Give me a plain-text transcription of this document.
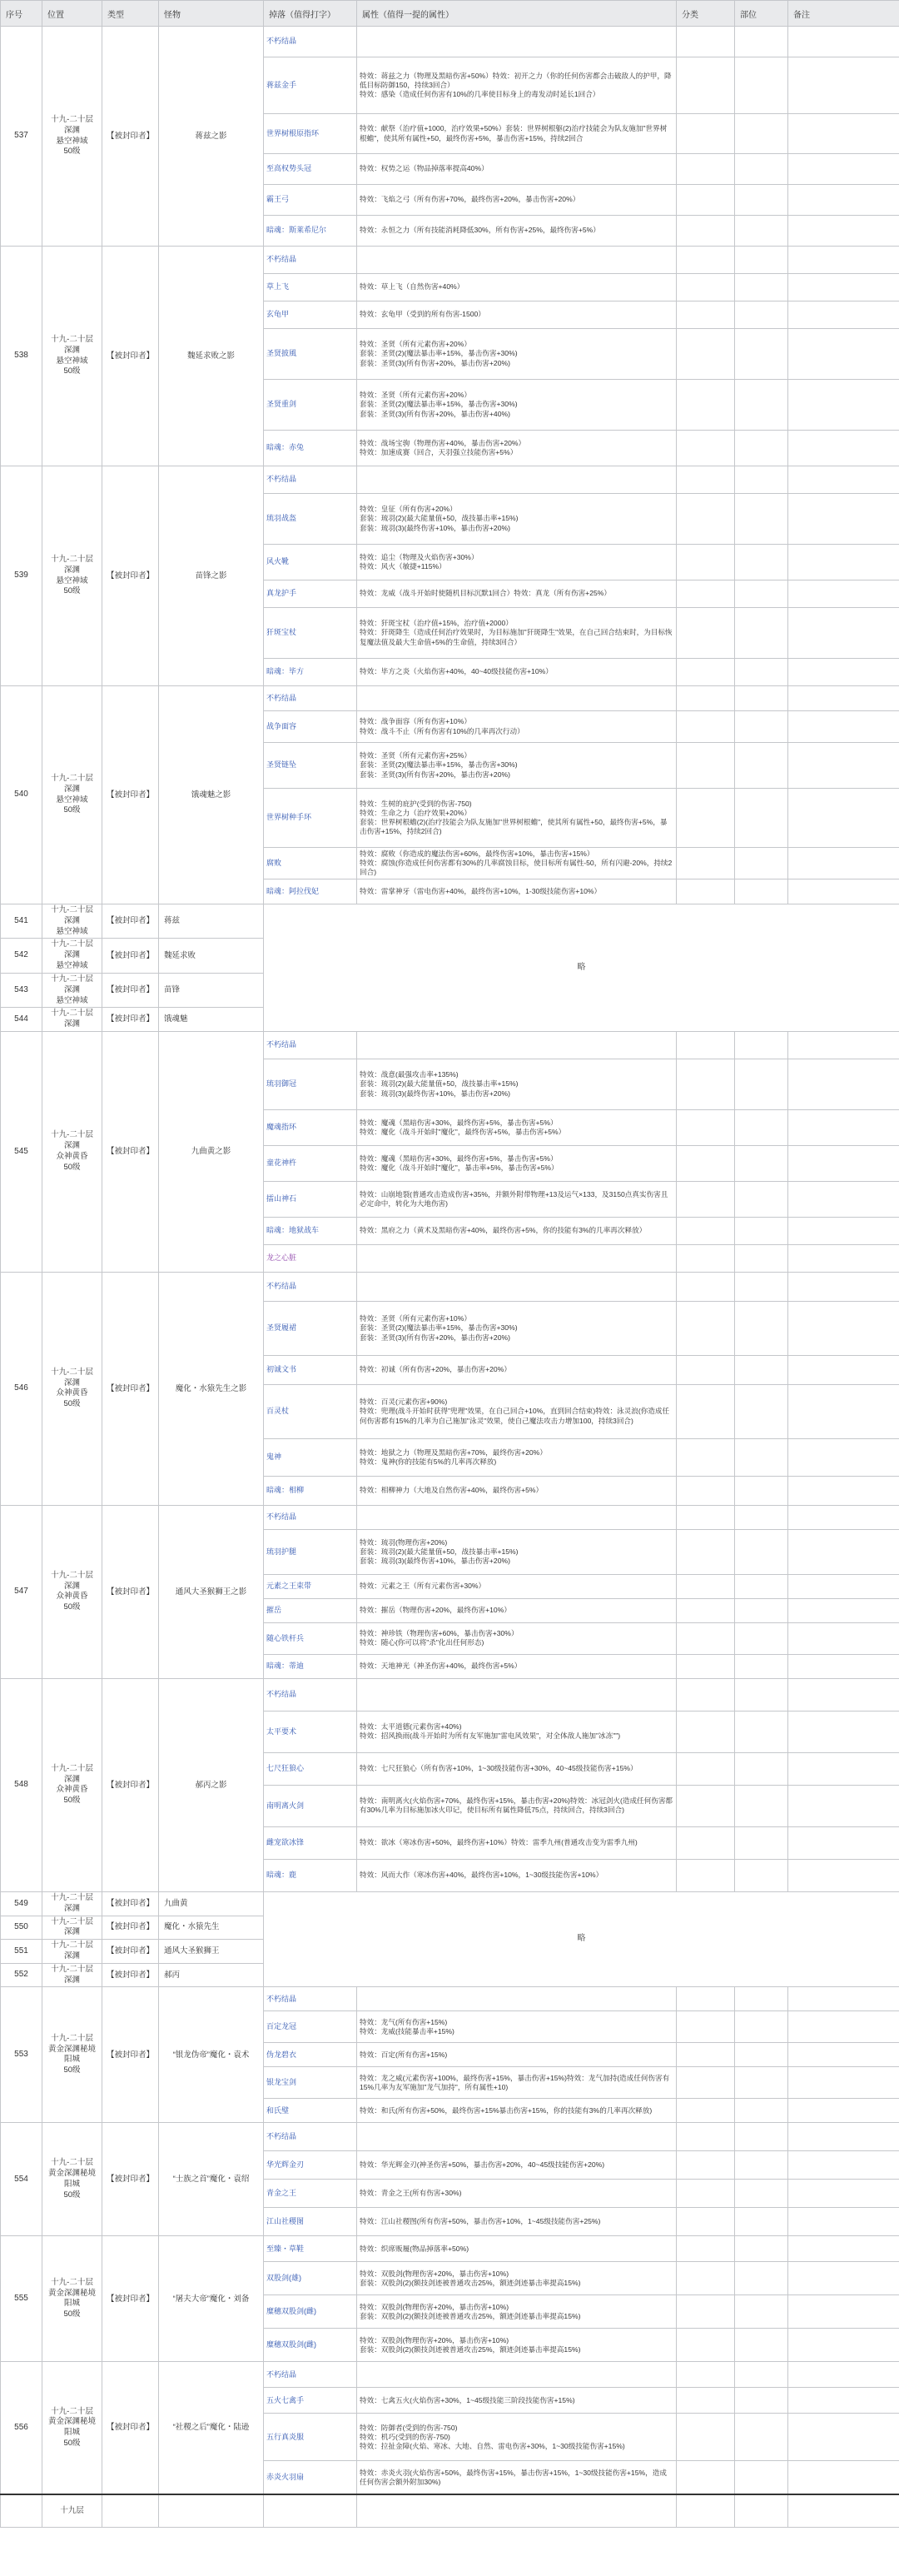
序号	位置	类型	怪物	掉落（值得打字）	属性（值得一提的属性）	分类	部位	备注
537	十九-二十层
深渊
悬空神域
50级	【被封印者】	蒋兹之影	不朽结晶				
				蒋兹金手	特效：蒋兹之力（物理及黑暗伤害+50%）特效：初开之力（你的任何伤害都会击破敌人的护甲，降低目标防御150，持续3回合）
特效：感染（造成任何伤害有10%的几率使目标身上的毒发动时延长1回合）			
				世界树根原指环	特效：献祭（治疗值+1000，治疗效果+50%）套装：世界树根躯(2)治疗技能会为队友施加"世界树根蟾"，使其所有属性+50，最终伤害+5%，暴击伤害+15%，持续2回合			
				至高权势头冠	特效：权势之运（物品掉落率提高40%）			
				霸王弓	特效：飞焰之弓（所有伤害+70%，最终伤害+20%，暴击伤害+20%）			
				暗魂：斯莱希尼尔	特效：永恒之力（所有技能消耗降低30%，所有伤害+25%，最终伤害+5%）			
538	十九-二十层
深渊
悬空神域
50级	【被封印者】	魏延求败之影	不朽结晶				
				草上飞	特效：草上飞（自然伤害+40%）			
				玄龟甲	特效：玄龟甲（受到的所有伤害-1500）			
				圣贤披風	特效：圣贤（所有元素伤害+20%）
套装：圣贤(2)(魔法暴击率+15%，暴击伤害+30%)
套装：圣贤(3)(所有伤害+20%，暴击伤害+20%)			
				圣贤重剑	特效：圣贤（所有元素伤害+20%）
套装：圣贤(2)(魔法暴击率+15%，暴击伤害+30%)
套装：圣贤(3)(所有伤害+20%，暴击伤害+40%)			
				暗魂：赤兔	特效：战场宝驹（物理伤害+40%，暴击伤害+20%）
特效：加速成赛（回合，天羽强立技能伤害+5%）			
539	十九-二十层
深渊
悬空神域
50级	【被封印者】	苗锋之影	不朽结晶				
				琉羽战盔	特效：皇征（所有伤害+20%）
套装：琉羽(2)(最大能量值+50，战技暴击率+15%)
套装：琉羽(3)(最终伤害+10%，暴击伤害+20%)			
				风火靴	特效：追尘（物理及火焰伤害+30%）
特效：风火（敏捷+115%）			
				真龙护手	特效：龙威（战斗开始时使随机目标沉默1回合）特效：真龙（所有伤害+25%）			
				犴斑宝杖	特效：犴斑宝杖（治疗值+15%，治疗值+2000）
特效：犴斑降生（造成任何治疗效果时，为目标施加"犴斑降生"效果，在自己回合结束时，为目标恢复魔法值及最大生命值+5%的生命值，持续3回合）			
				暗魂：毕方	特效：毕方之炎（火焰伤害+40%，40~40级技能伤害+10%）			
540	十九-二十层
深渊
悬空神域
50级	【被封印者】	饿魂魅之影	不朽结晶				
				战争面容	特效：战争面容（所有伤害+10%）
特效：战斗不止（所有伤害有10%的几率再次行动）			
				圣贤链坠	特效：圣贤（所有元素伤害+25%）
套装：圣贤(2)(魔法暴击率+15%，暴击伤害+30%)
套装：圣贤(3)(所有伤害+20%，暴击伤害+20%)			
				世界树种手环	特效：生树的庇护(受到的伤害-750)
特效：生命之力（治疗效果+20%）
套装：世界树根蟾(2)(治疗技能会为队友施加"世界树根蟾"，使其所有属性+50，最终伤害+5%，暴击伤害+15%，持续2回合)			
				腐败	特效：腐败（你造成的魔法伤害+60%，最终伤害+10%，暴击伤害+15%）
特效：腐蚀(你造成任何伤害都有30%的几率腐蚀目标，使目标所有属性-50，所有闪避-20%，持续2回合)			
				暗魂：阿拉伐妃	特效：雷掌神牙（雷电伤害+40%，最终伤害+10%，1-30级技能伤害+10%）			
541	十九-二十层
深渊
悬空神域	【被封印者】	蒋兹	略				
542	十九-二十层
深渊
悬空神域	【被封印者】	魏延求败					
543	十九-二十层
深渊
悬空神域	【被封印者】	苗锋					
544	十九-二十层
深渊	【被封印者】	饿魂魅					
545	十九-二十层
深渊
众神黄昏
50级	【被封印者】	九曲黄之影	不朽结晶				
				琉羽御冠	特效：战意(最强攻击率+135%)
套装：琉羽(2)(最大能量值+50，战技暴击率+15%)
套装：琉羽(3)(最终伤害+10%，暴击伤害+20%)			
				魔魂指环	特效：魔魂（黑暗伤害+30%，最终伤害+5%，暴击伤害+5%）
特效：魔化（战斗开始时"魔化"，最终伤害+5%，暴击伤害+5%）			
				童花神杵	特效：魔魂（黑暗伤害+30%，最终伤害+5%，暴击伤害+5%）
特效：魔化（战斗开始时"魔化"，暴击率+5%，暴击伤害+5%）			
				擂山神石	特效：山崩地裂(普通攻击造成伤害+35%，并额外附带物理+13及运气×133，及3150点真实伤害且必定命中，转化为大地伤害)			
				暗魂：地狱战车	特效：黑府之力（黄术及黑暗伤害+40%，最终伤害+5%，你的技能有3%的几率再次释放）			
				龙之心脏				
546	十九-二十层
深渊
众神黄昏
50级	【被封印者】	魔化・水猿先生之影	不朽结晶				
				圣贤履裙	特效：圣贤（所有元素伤害+10%）
套装：圣贤(2)(魔法暴击率+15%，暴击伤害+30%)
套装：圣贤(3)(所有伤害+20%，暴击伤害+20%)			
				初诚文书	特效：初诚（所有伤害+20%，暴击伤害+20%）			
				百灵杖	特效：百灵(元素伤害+90%)
特效：兜理(战斗开始时获得"兜理"效果，在自己回合+10%，直到回合结束)特效：泳灵浪(你造成任何伤害都有15%的几率为自己施加"泳灵"效果，使自己魔法攻击力增加100，持续3回合)			
				鬼神	特效：地狱之力（物理及黑暗伤害+70%，最终伤害+20%）
特效：鬼神(你的技能有5%的几率再次释放)			
				暗魂：相柳	特效：相柳神力（大地及自然伤害+40%，最终伤害+5%）			
547	十九-二十层
深渊
众神黄昏
50级	【被封印者】	通风大圣猴狮王之影	不朽结晶				
				琉羽护腿	特效：琉羽(物理伤害+20%)
套装：琉羽(2)(最大能量值+50，战技暴击率+15%)
套装：琉羽(3)(最终伤害+10%，暴击伤害+20%)			
				元素之王束带	特效：元素之王（所有元素伤害+30%）			
				摧岳	特效：摧岳（物理伤害+20%，最终伤害+10%）			
				随心铁杆兵	特效：神珍铁（物理伤害+60%，暴击伤害+30%）
特效：随心(你可以将"杀"化出任何形态)			
				暗魂：蒂迪	特效：天地神光（神圣伤害+40%，最终伤害+5%）			
548	十九-二十层
深渊
众神黄昏
50级	【被封印者】	郝丙之影	不朽结晶				
				太平要术	特效：太平道德(元素伤害+40%)
特效：招风换雨(战斗开始时为所有友军施加"雷电风效果"，对全体敌人施加"冰冻"")			
				七尺狂狼心	特效：七尺狂狼心（所有伤害+10%，1~30级技能伤害+30%，40~45级技能伤害+15%）			
				南明离火剑	特效：南明离火(火焰伤害+70%，最终伤害+15%，暴击伤害+20%)特效：冰冠剑火(造成任何伤害都有30%几率为目标施加冰火印记，使目标所有属性降低75点，持续回合，持续3回合)			
				雌宠欲冰锋	特效：欲冰（寒冰伤害+50%，最终伤害+10%）特效：雷季九州(普通攻击变为雷季九州)			
				暗魂：鹿	特效：风而大作（寒冰伤害+40%，最终伤害+10%，1~30级技能伤害+10%）			
549	十九-二十层
深渊	【被封印者】	九曲黄	略				
550	十九-二十层
深渊	【被封印者】	魔化・水猿先生					
551	十九-二十层
深渊	【被封印者】	通风大圣猴狮王					
552	十九-二十层
深渊	【被封印者】	郝丙					
553	十九-二十层
黄金深渊秘境
阳城
50级	【被封印者】	“银龙伪帝”魔化・袁术	不朽结晶				
				百定龙冠	特效：龙气(所有伤害+15%)
特效：龙威(技能暴击率+15%)			
				伪龙碧衣	特效：百定(所有伤害+15%)			
				银龙宝剑	特效：龙之威(元素伤害+100%，最终伤害+15%，暴击伤害+15%)特效：龙气加持(造成任何伤害有15%几率为友军施加"龙气加持"，所有属性+10)			
				和氏璧	特效：和氏(所有伤害+50%，最终伤害+15%暴击伤害+15%，你的技能有3%的几率再次释放)			
554	十九-二十层
黄金深渊秘境
阳城
50级	【被封印者】	“士族之首”魔化・袁绍	不朽结晶				
				华光辉金刃	特效：华光辉金刃(神圣伤害+50%，暴击伤害+20%，40~45级技能伤害+20%)			
				青金之王	特效：青金之王(所有伤害+30%)			
				江山社稷图	特效：江山社稷图(所有伤害+50%，暴击伤害+10%，1~45级技能伤害+25%)			
555	十九-二十层
黄金深渊秘境
阳城
50级	【被封印者】	“屠夫大帝”魔化・刘备	至臻・草鞋	特效：织席贩履(物品掉落率+50%)			
				双股剑(雄)	特效：双股剑(物理伤害+20%，暴击伤害+10%)
套装：双股剑(2)(额技剑迹被普通攻击25%，额迹剑迹暴击率提高15%)			
				糜穗双股剑(雌)	特效：双股剑(物理伤害+20%，暴击伤害+10%)
套装：双股剑(2)(额技剑迹被普通攻击25%，额迹剑迹暴击率提高15%)			
				糜穗双股剑(雌)	特效：双股剑(物理伤害+20%，暴击伤害+10%)
套装：双股剑(2)(额技剑迹被普通攻击25%，额迹剑迹暴击率提高15%)			
556	十九-二十层
黄金深渊秘境
阳城
50级	【被封印者】	“社稷之后”魔化・陆逊	不朽结晶				
				五火七禽手	特效：七禽五火(火焰伤害+30%，1~45级技能三阶段技能伤害+15%)			
				五行真炎服	特效：防御者(受到的伤害-750)
特效：机巧(受到的伤害-750)
特效：拉扯金障(火焰、寒冰、大地、自然、雷电伤害+30%，1~30级技能伤害+15%)			
				赤炎火羽扇	特效：赤炎火羽(火焰伤害+50%，最终伤害+15%，暴击伤害+15%，1~30级技能伤害+15%，造成任何伤害会额外附加30%)			
	十九层							
